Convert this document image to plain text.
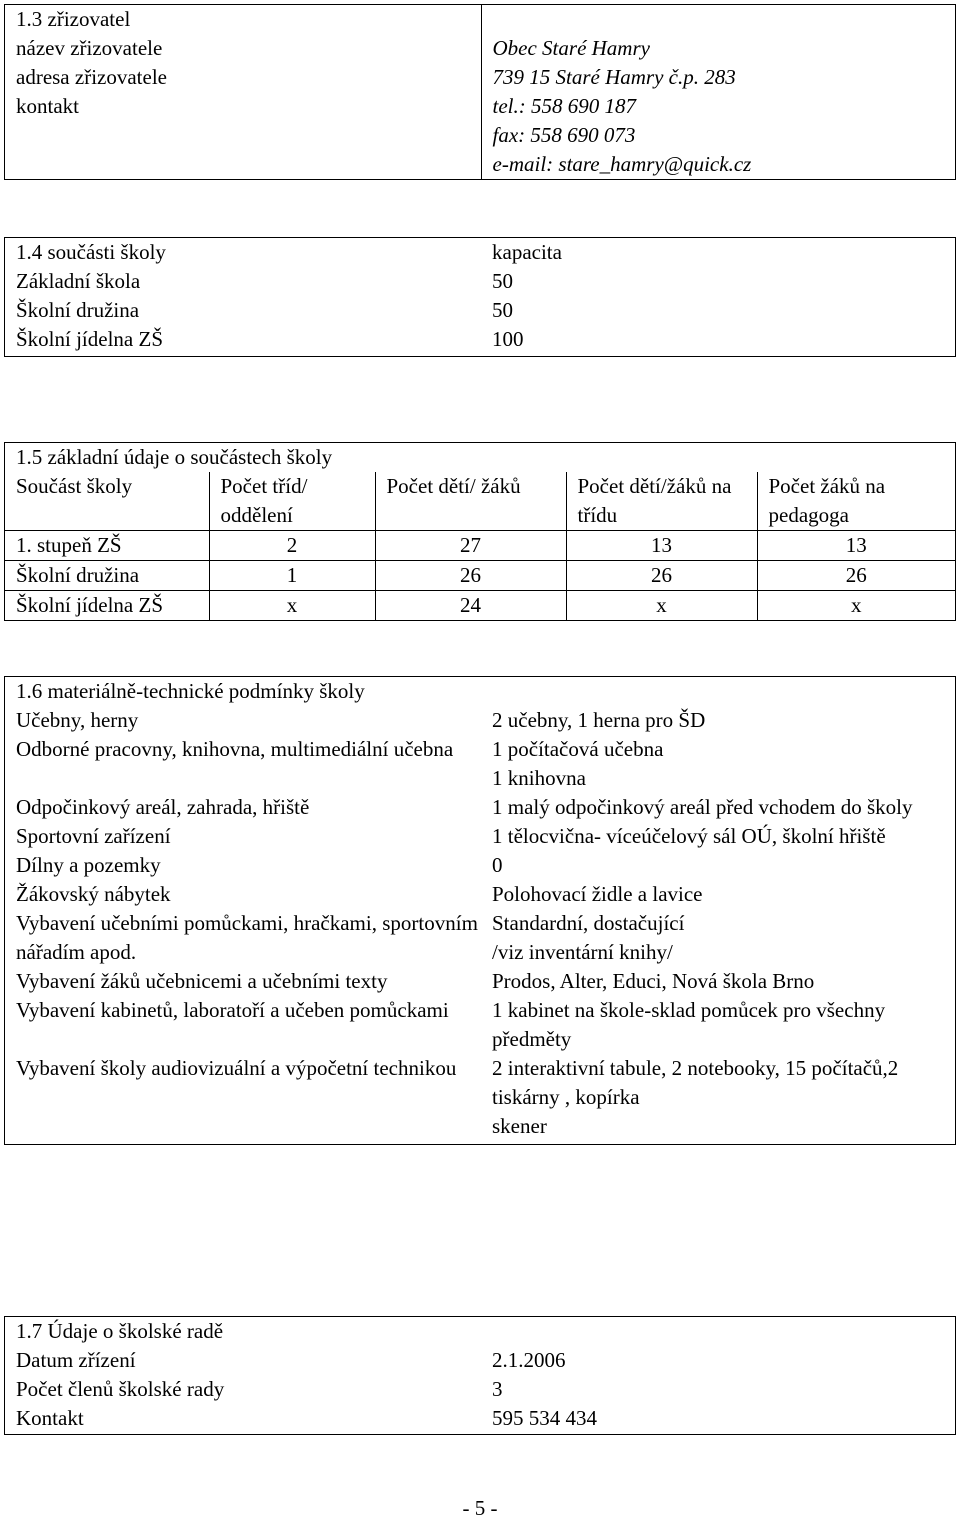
1.3 zřizovatel	
název zřizovatele	Obec Staré Hamry
adresa zřizovatele	739 15 Staré Hamry č.p. 283
kontakt	tel.: 558 690 187
fax: 558 690 073
e-mail: stare_hamry@quick.cz
1.4 součásti školy	kapacita
Základní škola	50
Školní družina	50
Školní jídelna ZŠ	100
1.5 základní údaje o součástech školy				
Součást školy	Počet tříd/ oddělení	Počet dětí/ žáků	Počet dětí/žáků na třídu	Počet žáků na pedagoga
1. stupeň ZŠ	2	27	13	13
Školní družina	1	26	26	26
Školní jídelna ZŠ	x	24	x	x
1.6 materiálně-technické podmínky školy	
Učebny, herny	2 učebny, 1 herna pro ŠD
Odborné pracovny, knihovna, multimediální učebna	1 počítačová učebna
1 knihovna
Odpočinkový areál, zahrada, hřiště	1 malý odpočinkový areál před vchodem do školy
Sportovní zařízení	1 tělocvična- víceúčelový sál OÚ, školní hřiště
Dílny a pozemky	0
Žákovský nábytek	Polohovací židle a lavice
Vybavení učebními pomůckami, hračkami, sportovním nářadím apod.	Standardní, dostačující
/viz inventární knihy/
Vybavení žáků učebnicemi a učebními texty	Prodos, Alter, Educi, Nová škola Brno
Vybavení kabinetů, laboratoří a učeben pomůckami	1 kabinet na škole-sklad pomůcek pro všechny předměty
Vybavení školy audiovizuální a výpočetní technikou	2 interaktivní tabule, 2 notebooky, 15 počítačů,2 tiskárny , kopírka
skener
1.7 Údaje o školské radě	
Datum zřízení	2.1.2006
Počet členů školské rady	3
Kontakt	595 534 434
- 5 -
